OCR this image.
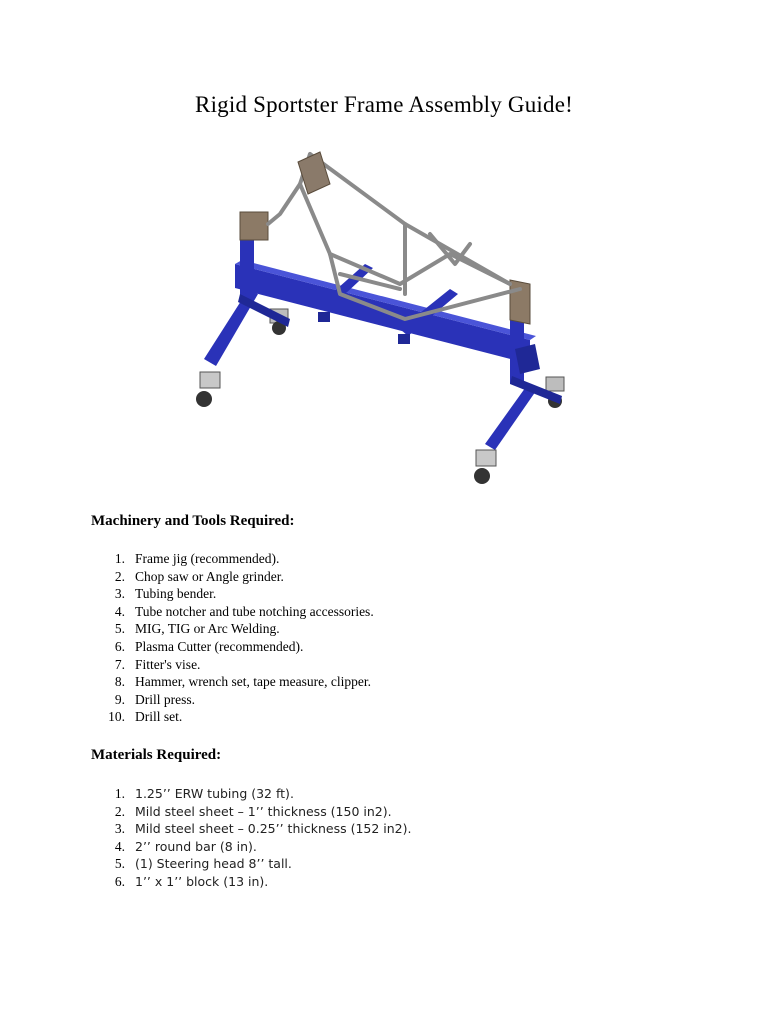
Rigid Sportster Frame Assembly Guide!
Machinery and Tools Required:
1. Frame jig (recommended).
2. Chop saw or Angle grinder.
3. Tubing bender.
4. Tube notcher and tube notching accessories.
5. MIG, TIG or Arc Welding.
6. Plasma Cutter (recommended).
7. Fitter's vise.
8. Hammer, wrench set, tape measure, clipper.
9. Drill press.
10. Drill set.
Materials Required:
1. 1.25’’ ERW tubing (32 ft).
2. Mild steel sheet – 1’’ thickness (150 in2).
3. Mild steel sheet – 0.25’’ thickness (152 in2).
4. 2’’ round bar (8 in).
5. (1) Steering head 8’’ tall.
6. 1’’ x 1’’ block (13 in).
